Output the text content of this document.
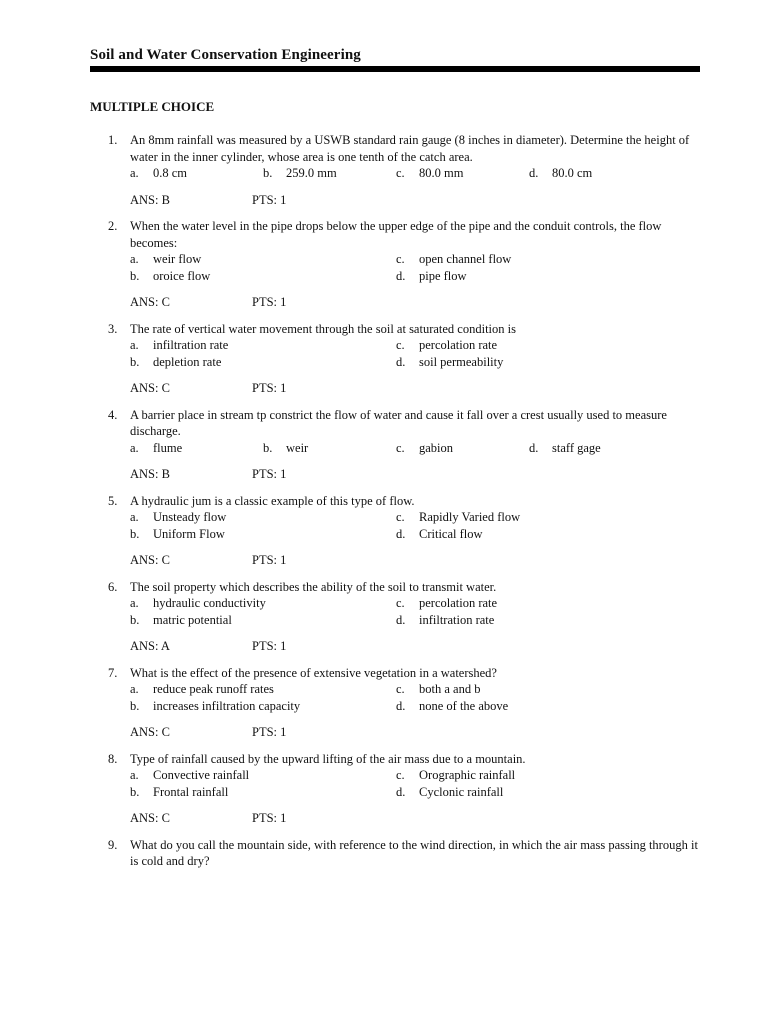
Soil and Water Conservation Engineering
MULTIPLE CHOICE
1. An 8mm rainfall was measured by a USWB standard rain gauge (8 inches in diameter). Determine the height of water in the inner cylinder, whose area is one tenth of the catch area.
a. 0.8 cm	b. 259.0 mm	c. 80.0 mm	d. 80.0 cm
ANS: B	PTS: 1
2. When the water level in the pipe drops below the upper edge of the pipe and the conduit controls, the flow becomes:
a. weir flow	c. open channel flow
b. oroice flow	d. pipe flow
ANS: C	PTS: 1
3. The rate of vertical water movement through the soil at saturated condition is
a. infiltration rate	c. percolation rate
b. depletion rate	d. soil permeability
ANS: C	PTS: 1
4. A barrier place in stream tp constrict the flow of water and cause it fall over a crest usually used to measure discharge.
a. flume	b. weir	c. gabion	d. staff gage
ANS: B	PTS: 1
5. A hydraulic jum is a classic example of this type of flow.
a. Unsteady flow	c. Rapidly Varied flow
b. Uniform Flow	d. Critical flow
ANS: C	PTS: 1
6. The soil property which describes the ability of the soil to transmit water.
a. hydraulic conductivity	c. percolation rate
b. matric potential	d. infiltration rate
ANS: A	PTS: 1
7. What is the effect of the presence of extensive vegetation in a watershed?
a. reduce peak runoff rates	c. both a and b
b. increases infiltration capacity	d. none of the above
ANS: C	PTS: 1
8. Type of rainfall caused by the upward lifting of the air mass due to a mountain.
a. Convective rainfall	c. Orographic rainfall
b. Frontal rainfall	d. Cyclonic rainfall
ANS: C	PTS: 1
9. What do you call the mountain side, with reference to the wind direction, in which the air mass passing through it is cold and dry?
